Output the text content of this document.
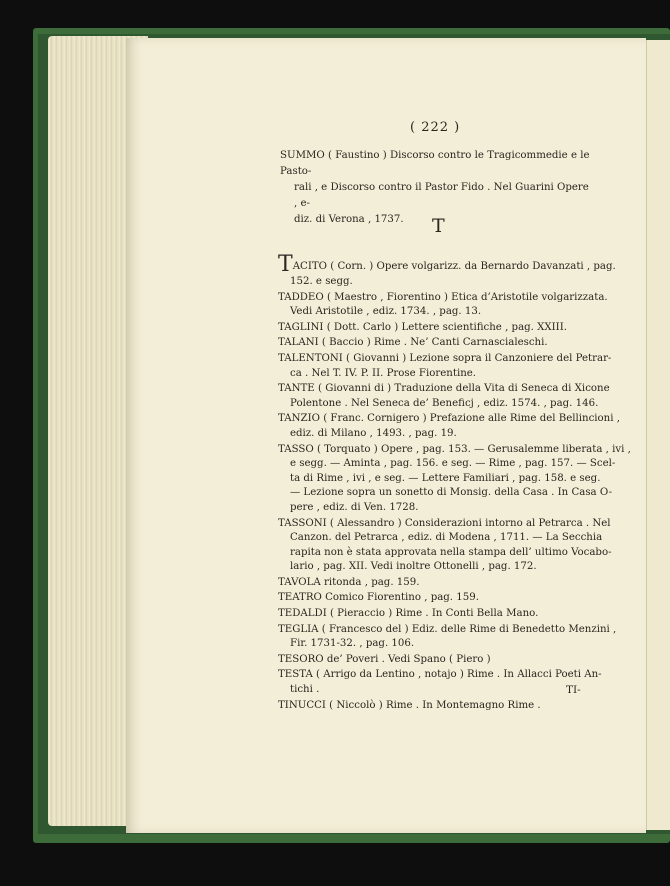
( 222 )
SUMMO ( Faustino ) Discorso contro le Tragicommedie e le Pasto-
rali , e Discorso contro il Pastor Fido . Nel Guarini Opere , e-
diz. di Verona , 1737.	T
TACITO ( Corn. ) Opere volgarizz. da Bernardo Davanzati , pag.
152. e segg.
TADDEO ( Maestro , Fiorentino ) Etica d’Aristotile volgarizzata.
Vedi Aristotile , ediz. 1734. , pag. 13.
TAGLINI ( Dott. Carlo ) Lettere scientifiche , pag. XXIII.
TALANI ( Baccio ) Rime . Ne’ Canti Carnascialeschi.
TALENTONI ( Giovanni ) Lezione sopra il Canzoniere del Petrar-
ca . Nel T. IV. P. II. Prose Fiorentine.
TANTE ( Giovanni di ) Traduzione della Vita di Seneca di Xicone
Polentone . Nel Seneca de’ Beneficj , ediz. 1574. , pag. 146.
TANZIO ( Franc. Cornigero ) Prefazione alle Rime del Bellincioni ,
ediz. di Milano , 1493. , pag. 19.
TASSO ( Torquato ) Opere , pag. 153. — Gerusalemme liberata , ivi ,
e segg. — Aminta , pag. 156. e seg. — Rime , pag. 157. — Scel-
ta di Rime , ivi , e seg. — Lettere Familiari , pag. 158. e seg.
— Lezione sopra un sonetto di Monsig. della Casa . In Casa O-
pere , ediz. di Ven. 1728.
TASSONI ( Alessandro ) Considerazioni intorno al Petrarca . Nel
Canzon. del Petrarca , ediz. di Modena , 1711. — La Secchia
rapita non è stata approvata nella stampa dell’ ultimo Vocabo-
lario , pag. XII. Vedi inoltre Ottonelli , pag. 172.
TAVOLA ritonda , pag. 159.
TEATRO Comico Fiorentino , pag. 159.
TEDALDI ( Pieraccio ) Rime . In Conti Bella Mano.
TEGLIA ( Francesco del ) Ediz. delle Rime di Benedetto Menzini ,
Fir. 1731-32. , pag. 106.
TESORO de’ Poveri . Vedi Spano ( Piero )
TESTA ( Arrigo da Lentino , notajo ) Rime . In Allacci Poeti An-
tichi .
TINUCCI ( Niccolò ) Rime . In Montemagno Rime .
TI-
